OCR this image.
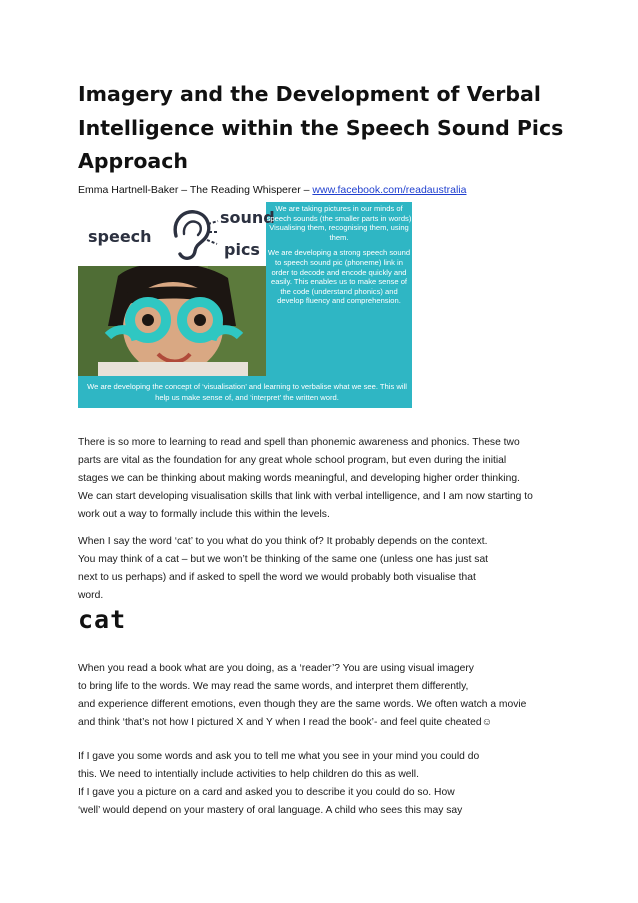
Imagery and the Development of Verbal
Intelligence within the Speech Sound Pics
Approach
Emma Hartnell-Baker – The Reading Whisperer – www.facebook.com/readaustralia
speech
sound
pics

We are taking pictures in our minds of speech sounds (the smaller parts in words) Visualising them, recognising them, using them.

We are developing a strong speech sound to speech sound pic (phoneme) link in order to decode and encode quickly and easily. This enables us to make sense of the code (understand phonics) and develop fluency and comprehension.

We are developing the concept of ‘visualisation’ and learning to verbalise what we see. This will help us make sense of, and ‘interpret’ the written word.
There is so more to learning to read and spell than phonemic awareness and phonics. These two
parts are vital as the foundation for any great whole school program, but even during the initial
stages we can be thinking about making words meaningful, and developing higher order thinking.
We can start developing visualisation skills that link with verbal intelligence, and I am now starting to
work out a way to formally include this within the levels.
When I say the word ‘cat’ to you what do you think of? It probably depends on the context.
You may think of a cat – but we won’t be thinking of the same one (unless one has just sat
next to us perhaps) and if asked to spell the word we would probably both visualise that
word.
cat
When you read a book what are you doing, as a ‘reader’? You are using visual imagery
to bring life to the words. We may read the same words, and interpret them differently,
and experience different emotions, even though they are the same words. We often watch a movie
and think ‘that’s not how I pictured X and Y when I read the book’- and feel quite cheated☺
If I gave you some words and ask you to tell me what you see in your mind you could do
this. We need to intentially include activities to help children do this as well.
If I gave you a picture on a card and asked you to describe it you could do so. How
‘well’ would depend on your mastery of oral language. A child who sees this may say
